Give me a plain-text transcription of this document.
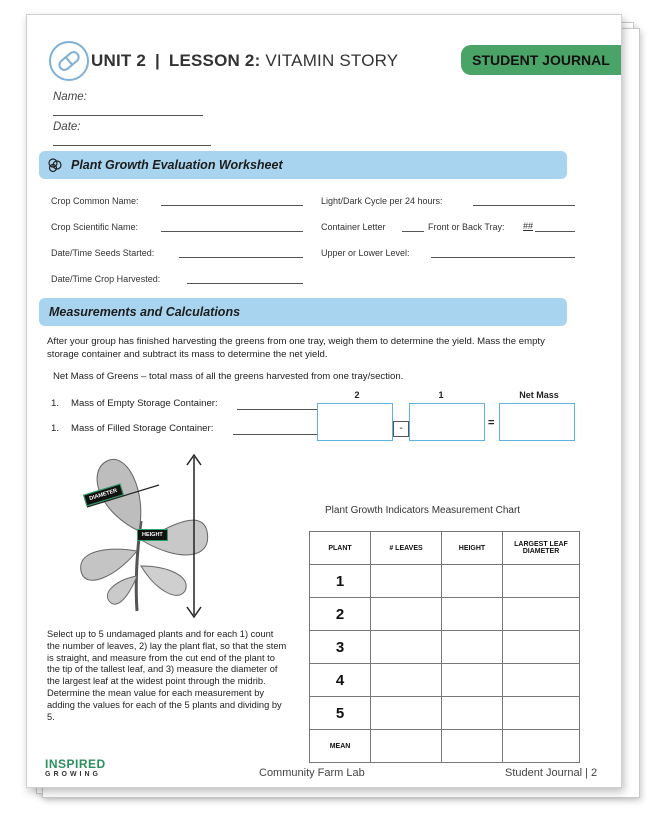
UNIT 2 | LESSON 2: VITAMIN STORY	STUDENT JOURNAL
Name:
Date:
Plant Growth Evaluation Worksheet
Crop Common Name:	Light/Dark Cycle per 24 hours:
Crop Scientific Name:	Container Letter	Front or Back Tray: ##
Date/Time Seeds Started:	Upper or Lower Level:
Date/Time Crop Harvested:
Measurements and Calculations
After your group has finished harvesting the greens from one tray, weigh them to determine the yield. Mass the empty storage container and subtract its mass to determine the net yield.
Net Mass of Greens – total mass of all the greens harvested from one tray/section.
2	1	Net Mass
1. Mass of Empty Storage Container:
1. Mass of Filled Storage Container:	-	=
DIAMETER
HEIGHT
Plant Growth Indicators Measurement Chart
PLANT	# LEAVES	HEIGHT	LARGEST LEAF DIAMETER
1			
2			
3			
4			
5			
MEAN			
Select up to 5 undamaged plants and for each 1) count the number of leaves, 2) lay the plant flat, so that the stem is straight, and measure from the cut end of the plant to the tip of the tallest leaf, and 3) measure the diameter of the largest leaf at the widest point through the midrib. Determine the mean value for each measurement by adding the values for each of the 5 plants and dividing by 5.
INSPIRED
GROWING	Community Farm Lab	Student Journal | 2
